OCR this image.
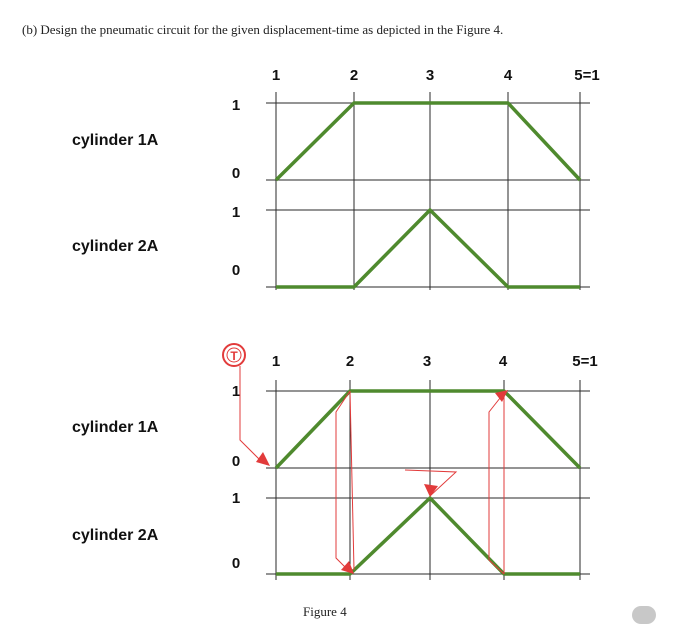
(b) Design the pneumatic circuit for the given displacement-time as depicted in the Figure 4.
1	2	3	4	5=1
cylinder 1A
cylinder 2A
1
0
1
0
T 1	2	3	4	5=1
cylinder 1A
cylinder 2A
1
0
1
0
Figure 4
